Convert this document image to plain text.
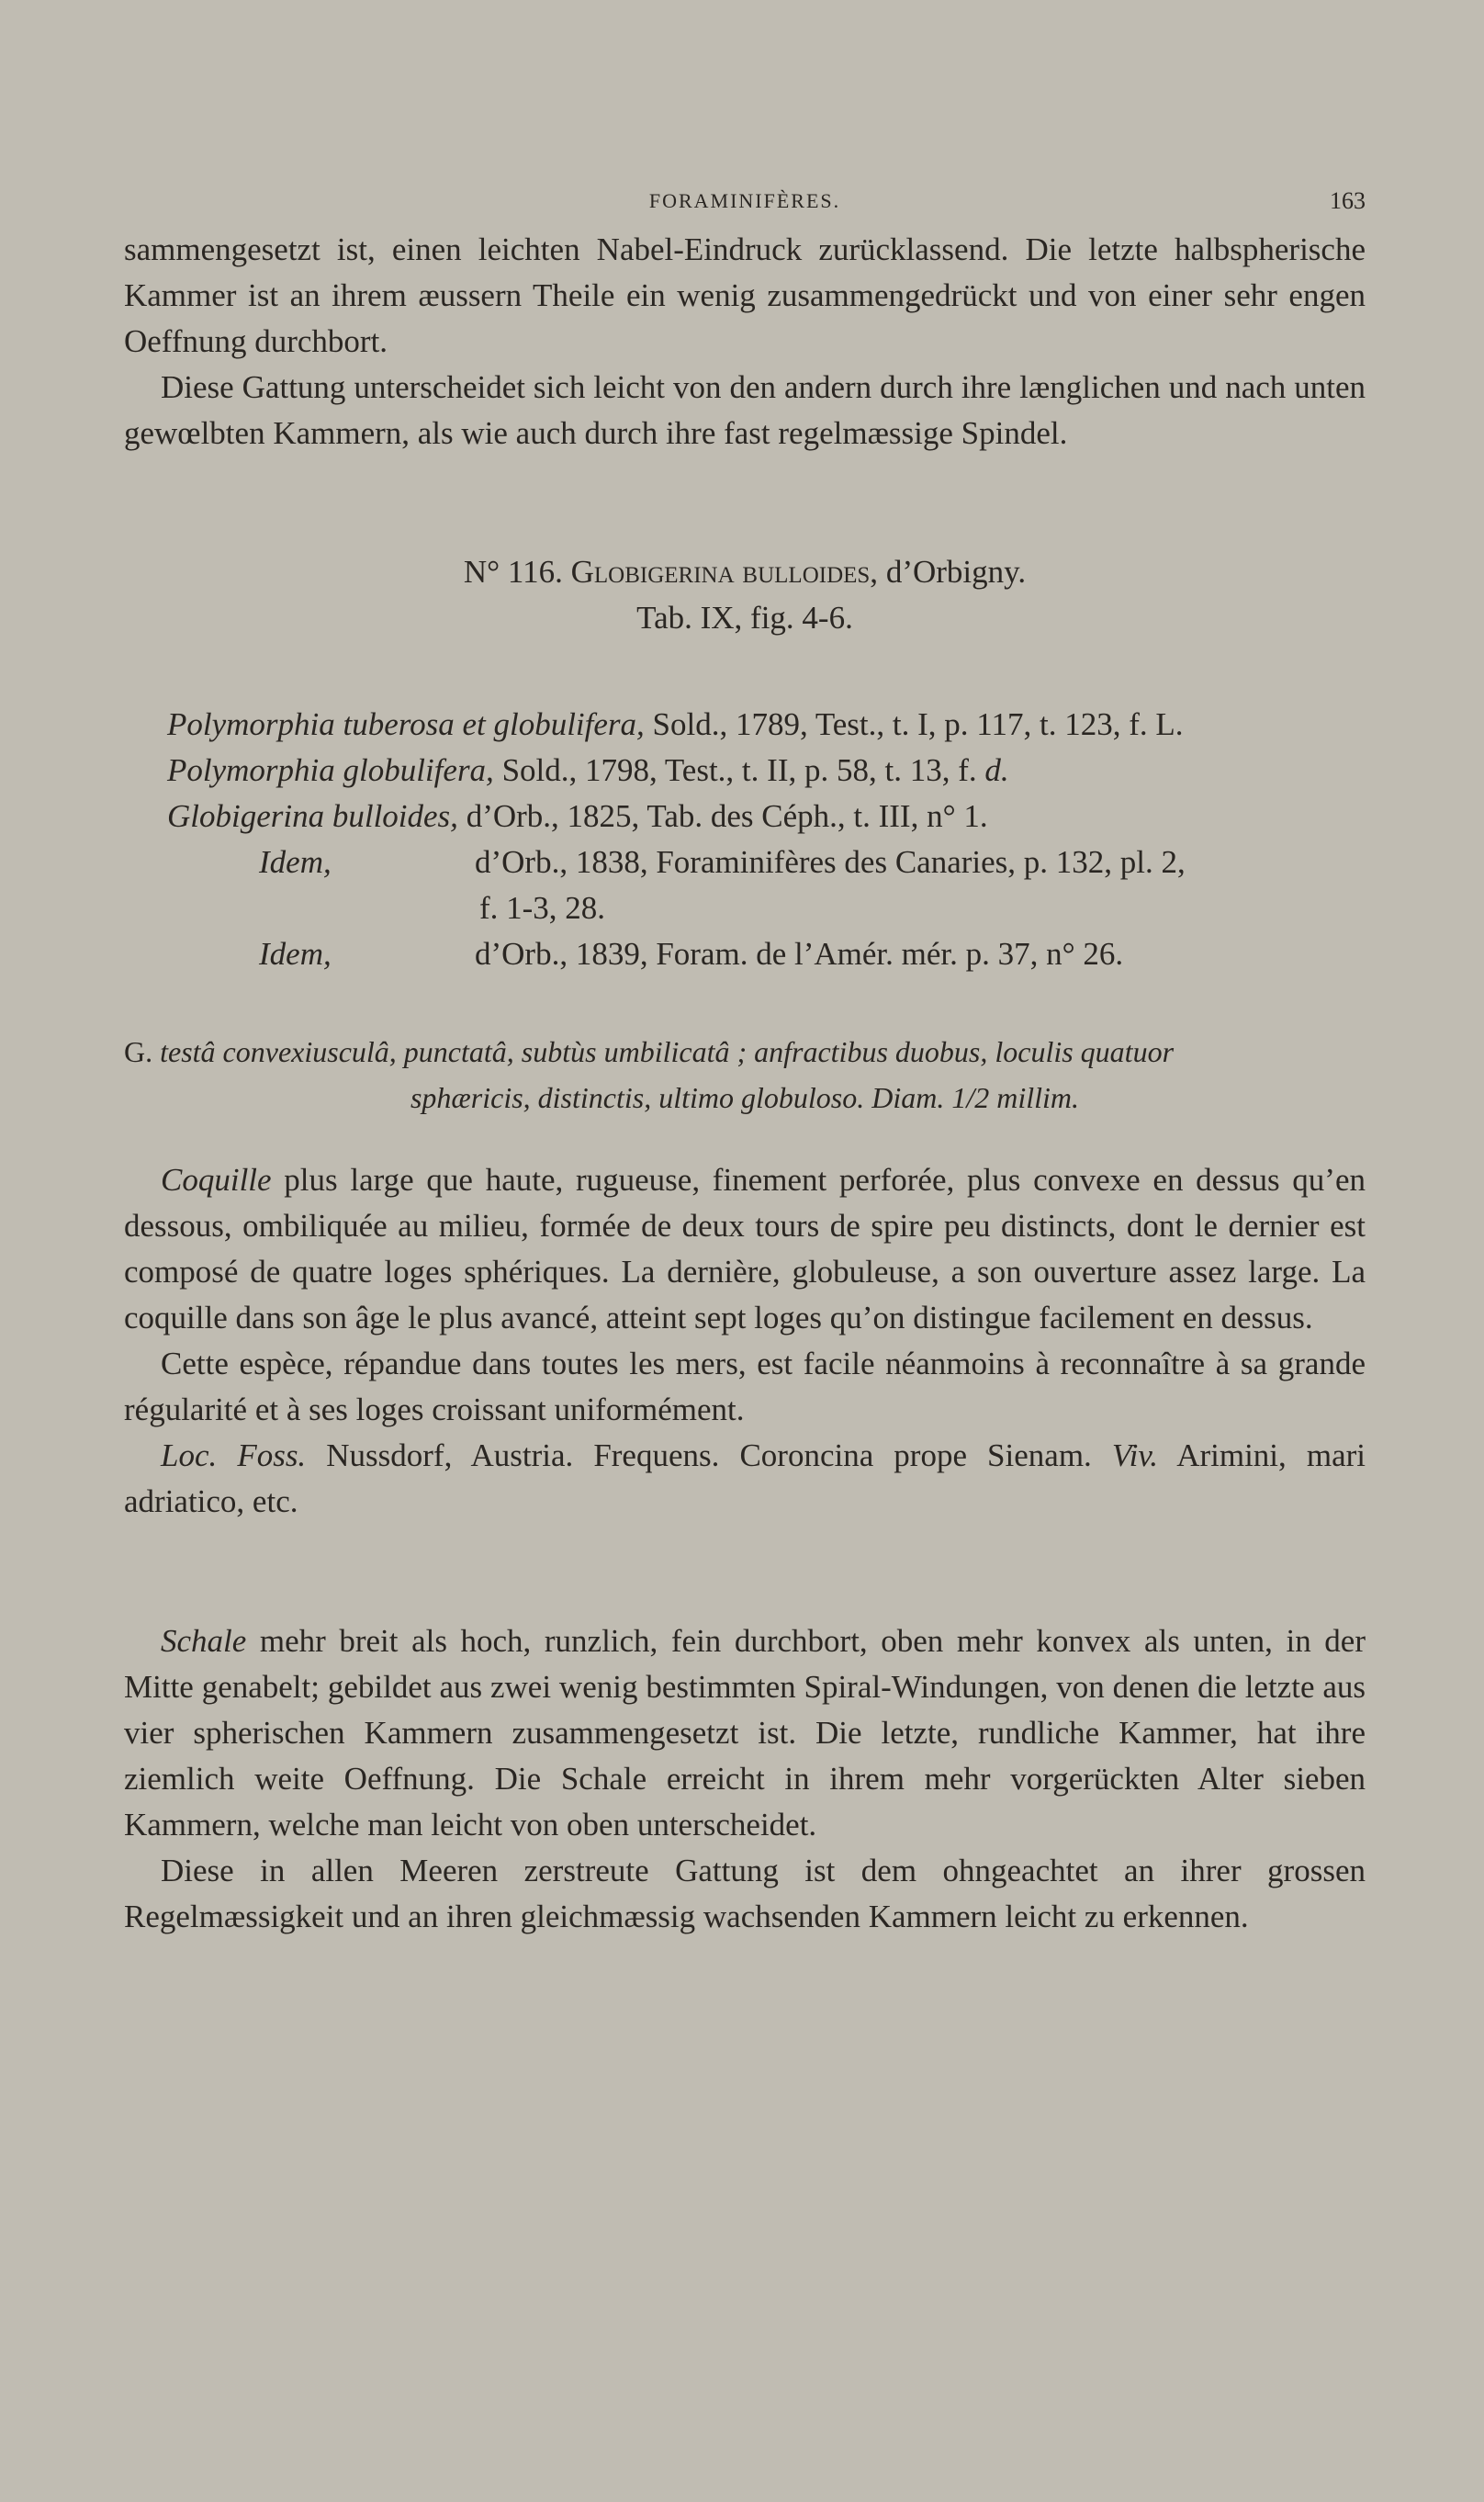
FORAMINIFÈRES.	163

sammengesetzt ist, einen leichten Nabel-Eindruck zurücklassend. Die letzte halbspherische Kammer ist an ihrem æussern Theile ein wenig zusammengedrückt und von einer sehr engen Oeffnung durchbort.

Diese Gattung unterscheidet sich leicht von den andern durch ihre længlichen und nach unten gewœlbten Kammern, als wie auch durch ihre fast regelmæssige Spindel.

N° 116. Globigerina bulloides, d’Orbigny.

Tab. IX, fig. 4-6.

Polymorphia tuberosa et globulifera, Sold., 1789, Test., t. I, p. 117, t. 123, f. L.
Polymorphia globulifera, Sold., 1798, Test., t. II, p. 58, t. 13, f. d.
Globigerina bulloides, d’Orb., 1825, Tab. des Céph., t. III, n° 1.
Idem,	d’Orb., 1838, Foraminifères des Canaries, p. 132, pl. 2,
f. 1-3, 28.
Idem,	d’Orb., 1839, Foram. de l’Amér. mér. p. 37, n° 26.

G. testâ convexiusculâ, punctatâ, subtùs umbilicatâ ; anfractibus duobus, loculis quatuor

sphæricis, distinctis, ultimo globuloso. Diam. 1/2 millim.

Coquille plus large que haute, rugueuse, finement perforée, plus convexe en dessus qu’en dessous, ombiliquée au milieu, formée de deux tours de spire peu distincts, dont le dernier est composé de quatre loges sphériques. La dernière, globuleuse, a son ouverture assez large. La coquille dans son âge le plus avancé, atteint sept loges qu’on distingue facilement en dessus.

Cette espèce, répandue dans toutes les mers, est facile néanmoins à reconnaître à sa grande régularité et à ses loges croissant uniformément.

Loc. Foss. Nussdorf, Austria. Frequens. Coroncina prope Sienam. Viv. Arimini, mari adriatico, etc.

Schale mehr breit als hoch, runzlich, fein durchbort, oben mehr konvex als unten, in der Mitte genabelt; gebildet aus zwei wenig bestimmten Spiral-Windungen, von denen die letzte aus vier spherischen Kammern zusammengesetzt ist. Die letzte, rundliche Kammer, hat ihre ziemlich weite Oeffnung. Die Schale erreicht in ihrem mehr vorgerückten Alter sieben Kammern, welche man leicht von oben unterscheidet.

Diese in allen Meeren zerstreute Gattung ist dem ohngeachtet an ihrer grossen Regelmæssigkeit und an ihren gleichmæssig wachsenden Kammern leicht zu erkennen.
